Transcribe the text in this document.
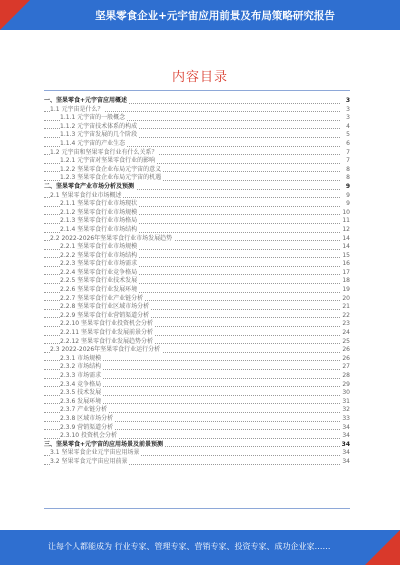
坚果零食企业+元宇宙应用前景及布局策略研究报告
内容目录
一、坚果零食+元宇宙应用概述	3
1.1 元宇宙是什么？	3
1.1.1 元宇宙的一般概念	3
1.1.2 元宇宙技术体系的构成	4
1.1.3 元宇宙发展的几个阶段	5
1.1.4 元宇宙的产业生态	6
1.2 元宇宙和坚果零食行业有什么关系？	7
1.2.1 元宇宙对坚果零食行业的影响	7
1.2.2 坚果零食企业布局元宇宙的意义	8
1.2.3 坚果零食企业布局元宇宙的机遇	8
二、坚果零食产业市场分析及预测	9
2.1 坚果零食行业市场概述	9
2.1.1 坚果零食行业市场现状	9
2.1.2 坚果零食行业市场规模	10
2.1.3 坚果零食行业市场格局	11
2.1.4 坚果零食行业市场结构	12
2.2 2022-2026年坚果零食行业市场发展趋势	14
2.2.1 坚果零食行业市场规模	14
2.2.2 坚果零食行业市场结构	15
2.2.3 坚果零食行业市场需求	16
2.2.4 坚果零食行业竞争格局	17
2.2.5 坚果零食行业技术发展	18
2.2.6 坚果零食行业发展环境	19
2.2.7 坚果零食行业产业链分析	20
2.2.8 坚果零食行业区域市场分析	21
2.2.9 坚果零食行业营销渠道分析	22
2.2.10 坚果零食行业投资机会分析	23
2.2.11 坚果零食行业发展前景分析	24
2.2.12 坚果零食行业发展趋势分析	25
2.3 2022-2026年坚果零食行业运行分析	26
2.3.1 市场规模	26
2.3.2 市场结构	27
2.3.3 市场需求	28
2.3.4 竞争格局	29
2.3.5 技术发展	30
2.3.6 发展环境	31
2.3.7 产业链分析	32
2.3.8 区域市场分析	33
2.3.9 营销渠道分析	34
2.3.10 投资机会分析	34
三、坚果零食+元宇宙的应用场景及前景预测	34
3.1 坚果零食企业元宇宙应用场景	34
3.2 坚果零食元宇宙应用前景	34
让每个人都能成为 行业专家、管理专家、营销专家、投资专家、成功企业家……
